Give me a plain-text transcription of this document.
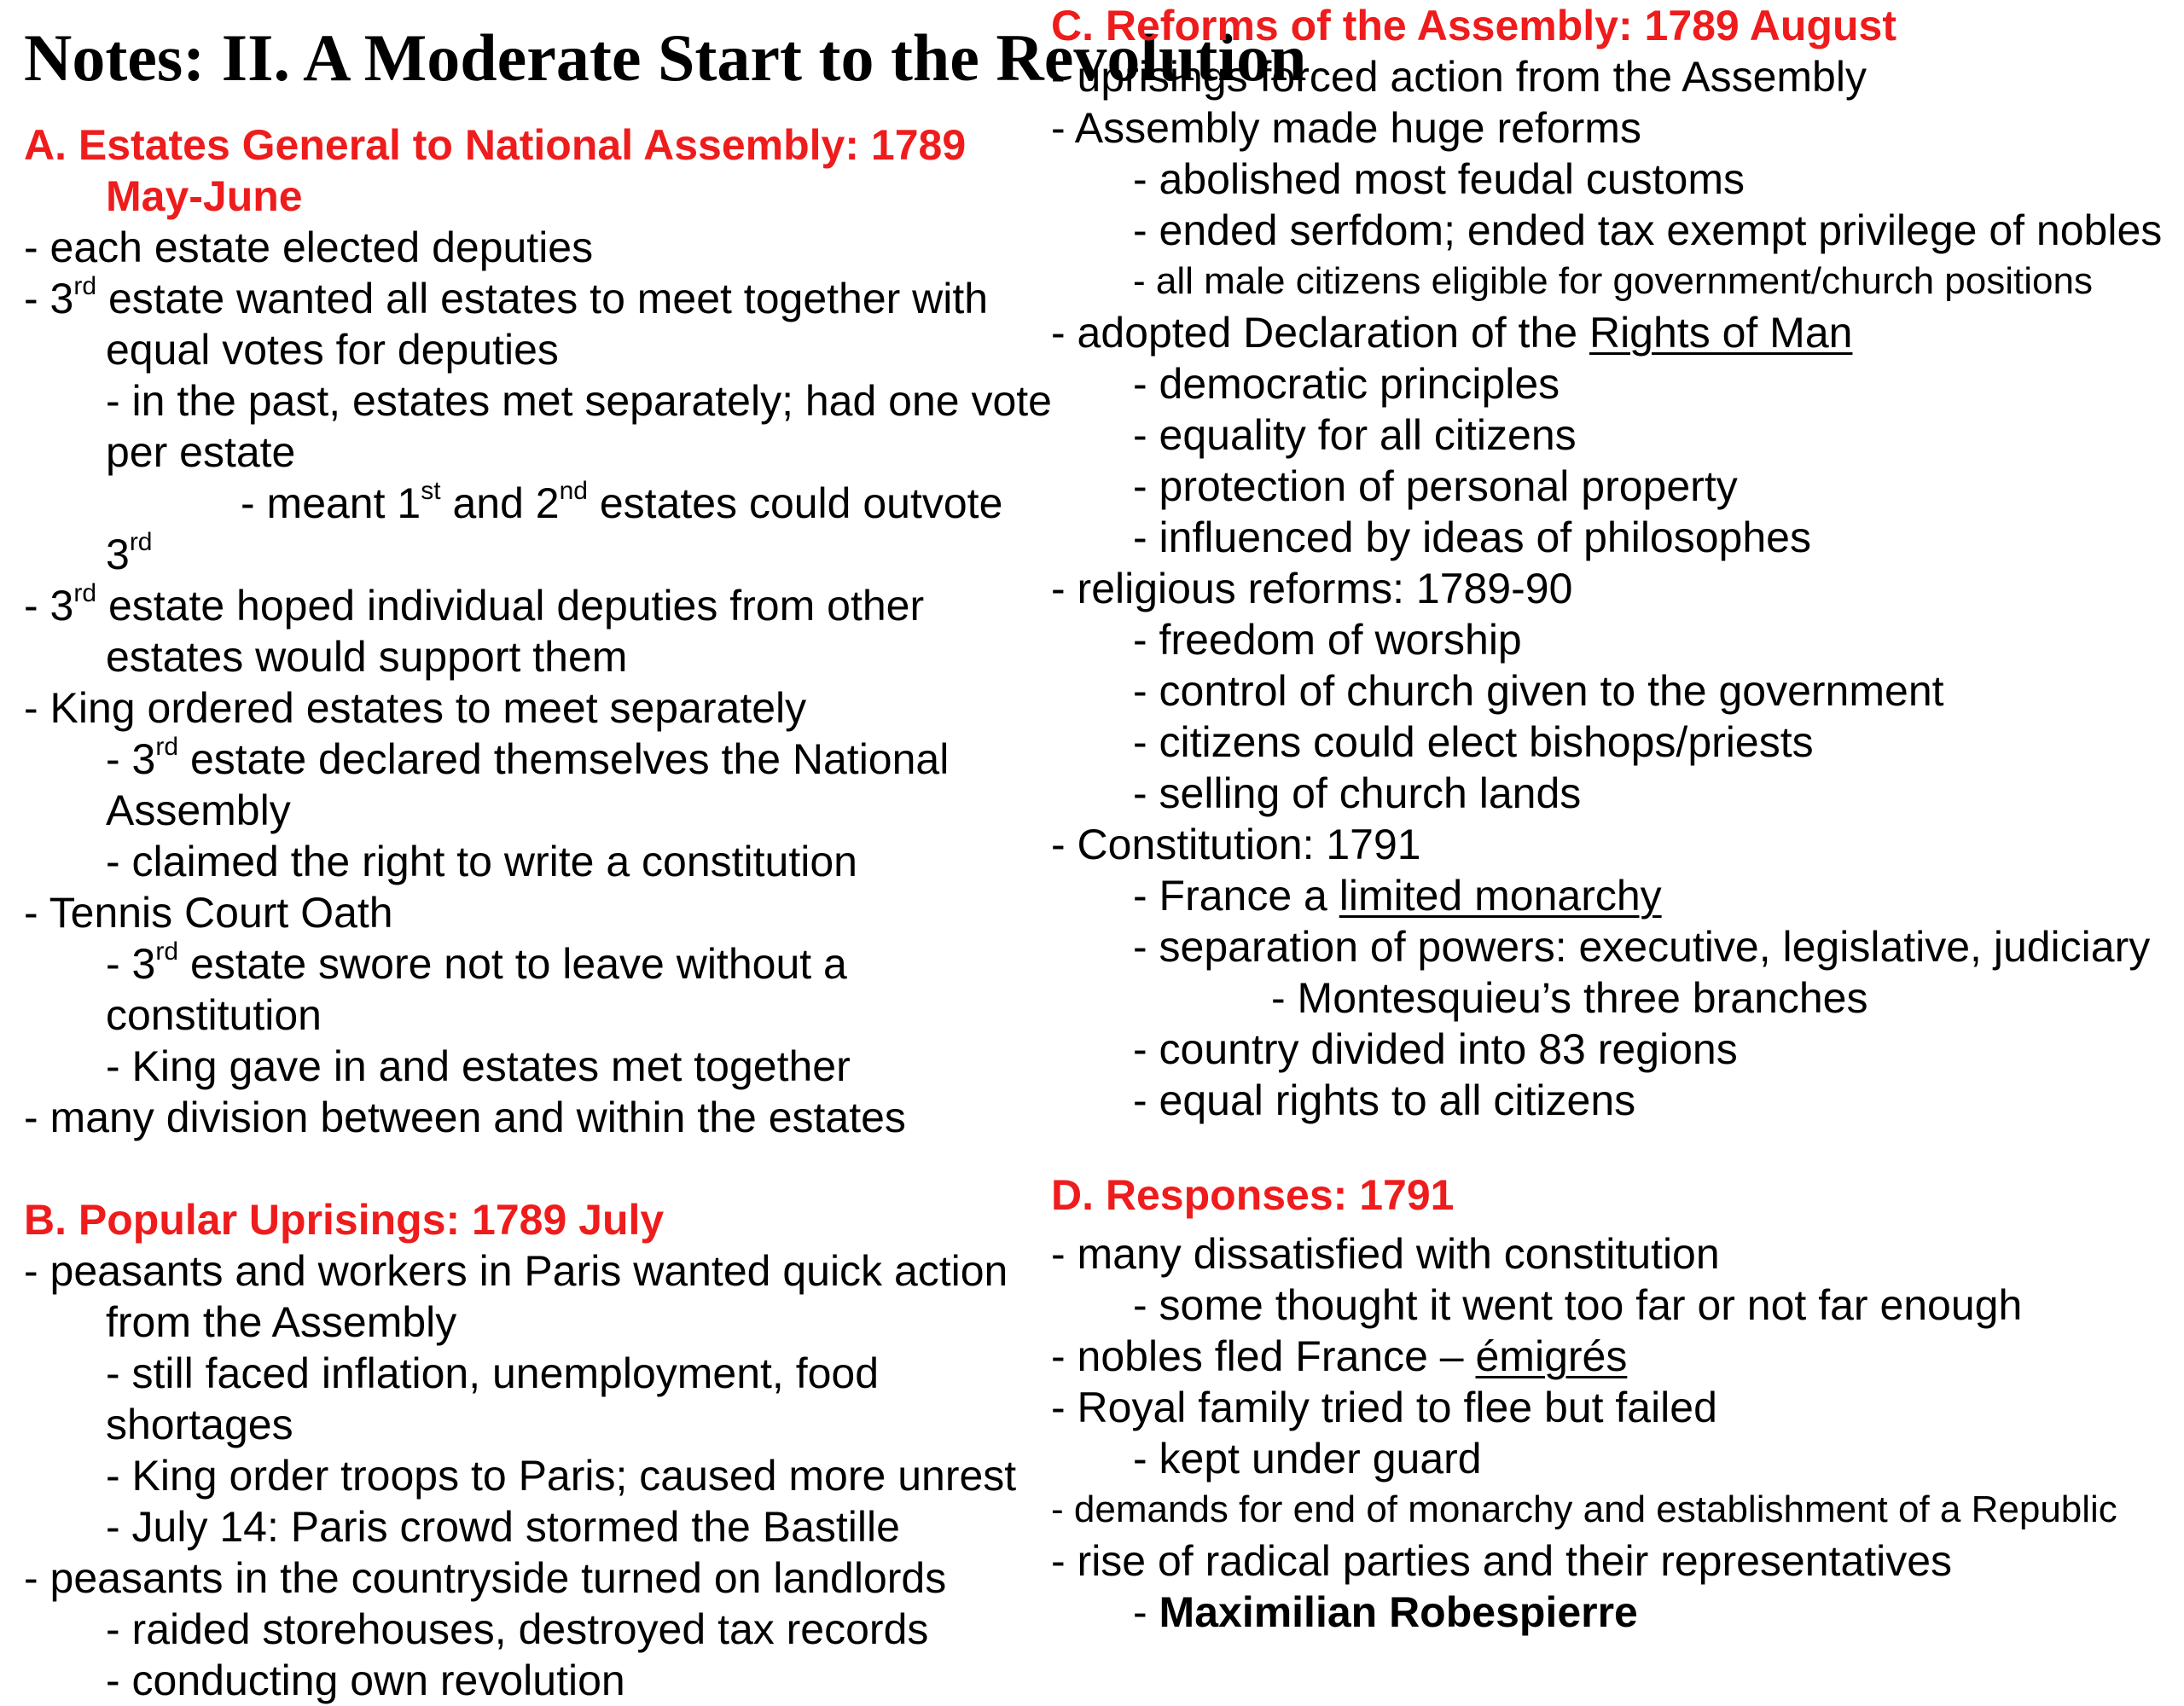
Notes: II. A Moderate Start to the Revolution
A. Estates General to National Assembly: 1789
May-June
- each estate elected deputies
- 3rd estate wanted all estates to meet together with
equal votes for deputies
- in the past, estates met separately; had one vote
per estate
- meant 1st and 2nd estates could outvote
3rd
- 3rd estate hoped individual deputies from other
estates would support them
- King ordered estates to meet separately
- 3rd estate declared themselves the National
Assembly
- claimed the right to write a constitution
- Tennis Court Oath
- 3rd estate swore not to leave without a
constitution
- King gave in and estates met together
- many division between and within the estates
B. Popular Uprisings: 1789 July
- peasants and workers in Paris wanted quick action
from the Assembly
- still faced inflation, unemployment, food
shortages
- King order troops to Paris; caused more unrest
- July 14: Paris crowd stormed the Bastille
- peasants in the countryside turned on landlords
- raided storehouses, destroyed tax records
- conducting own revolution
C. Reforms of the Assembly: 1789 August
- uprisings forced action from the Assembly
- Assembly made huge reforms
- abolished most feudal customs
- ended serfdom; ended tax exempt privilege of nobles
- all male citizens eligible for government/church positions
- adopted Declaration of the Rights of Man
- democratic principles
- equality for all citizens
- protection of personal property
- influenced by ideas of philosophes
- religious reforms: 1789-90
- freedom of worship
- control of church given to the government
- citizens could elect bishops/priests
- selling of church lands
- Constitution: 1791
- France a limited monarchy
- separation of powers: executive, legislative, judiciary
- Montesquieu’s three branches
- country divided into 83 regions
- equal rights to all citizens
D. Responses: 1791
- many dissatisfied with constitution
- some thought it went too far or not far enough
- nobles fled France – émigrés
- Royal family tried to flee but failed
- kept under guard
- demands for end of monarchy and establishment of a Republic
- rise of radical parties and their representatives
- Maximilian Robespierre
